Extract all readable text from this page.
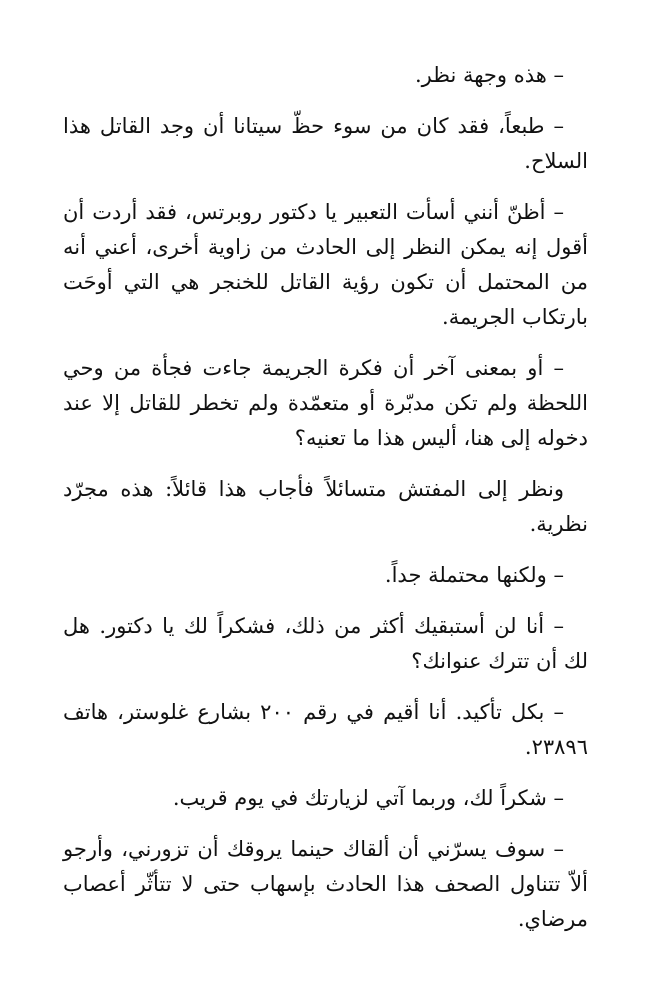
– هذه وجهة نظر.

– طبعاً، فقد كان من سوء حظّ سيتانا أن وجد القاتل هذا السلاح.

– أظنّ أنني أسأت التعبير يا دكتور روبرتس، فقد أردت أن أقول إنه يمكن النظر إلى الحادث من زاوية أخرى، أعني أنه من المحتمل أن تكون رؤية القاتل للخنجر هي التي أوحَت بارتكاب الجريمة.

– أو بمعنى آخر أن فكرة الجريمة جاءت فجأة من وحي اللحظة ولم تكن مدبّرة أو متعمّدة ولم تخطر للقاتل إلا عند دخوله إلى هنا، أليس هذا ما تعنيه؟

ونظر إلى المفتش متسائلاً فأجاب هذا قائلاً: هذه مجرّد نظرية.

– ولكنها محتملة جداً.

– أنا لن أستبقيك أكثر من ذلك، فشكراً لك يا دكتور. هل لك أن تترك عنوانك؟

– بكل تأكيد. أنا أقيم في رقم ٢٠٠ بشارع غلوستر، هاتف ٢٣٨٩٦.

– شكراً لك، وربما آتي لزيارتك في يوم قريب.

– سوف يسرّني أن ألقاك حينما يروقك أن تزورني، وأرجو ألاّ تتناول الصحف هذا الحادث بإسهاب حتى لا تتأثّر أعصاب مرضاي.
